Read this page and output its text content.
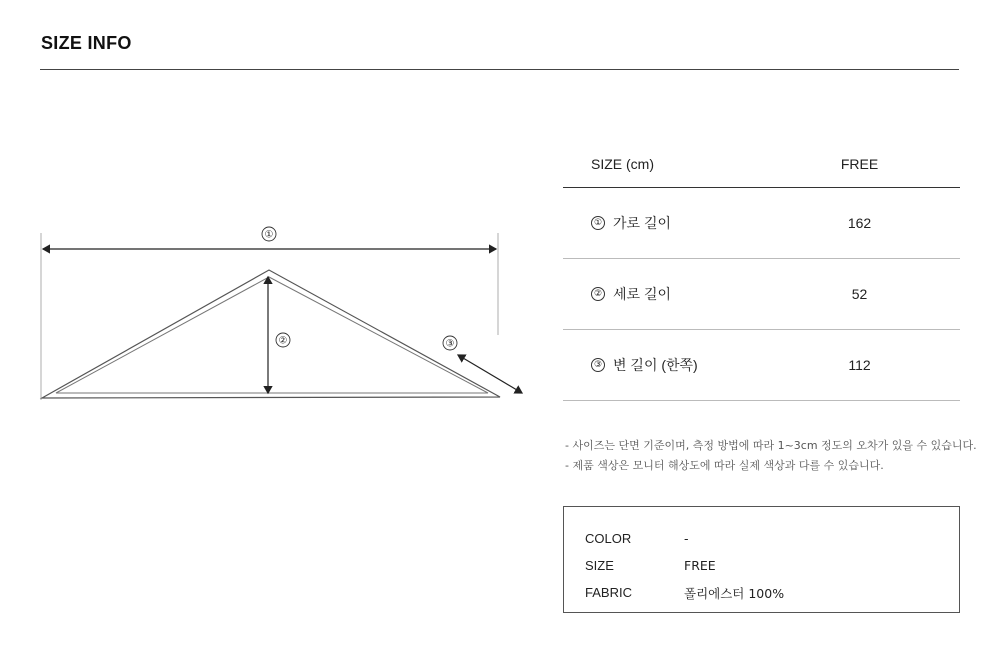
SIZE INFO
①
②	③
SIZE (cm)	FREE
① 가로 길이	162
② 세로 길이	52
③ 변 길이 (한쪽)	112
- 사이즈는 단면 기준이며, 측정 방법에 따라 1~3cm 정도의 오차가 있을 수 있습니다.
- 제품 색상은 모니터 해상도에 따라 실제 색상과 다를 수 있습니다.
COLOR	-
SIZE	FREE
FABRIC	폴리에스터 100%
